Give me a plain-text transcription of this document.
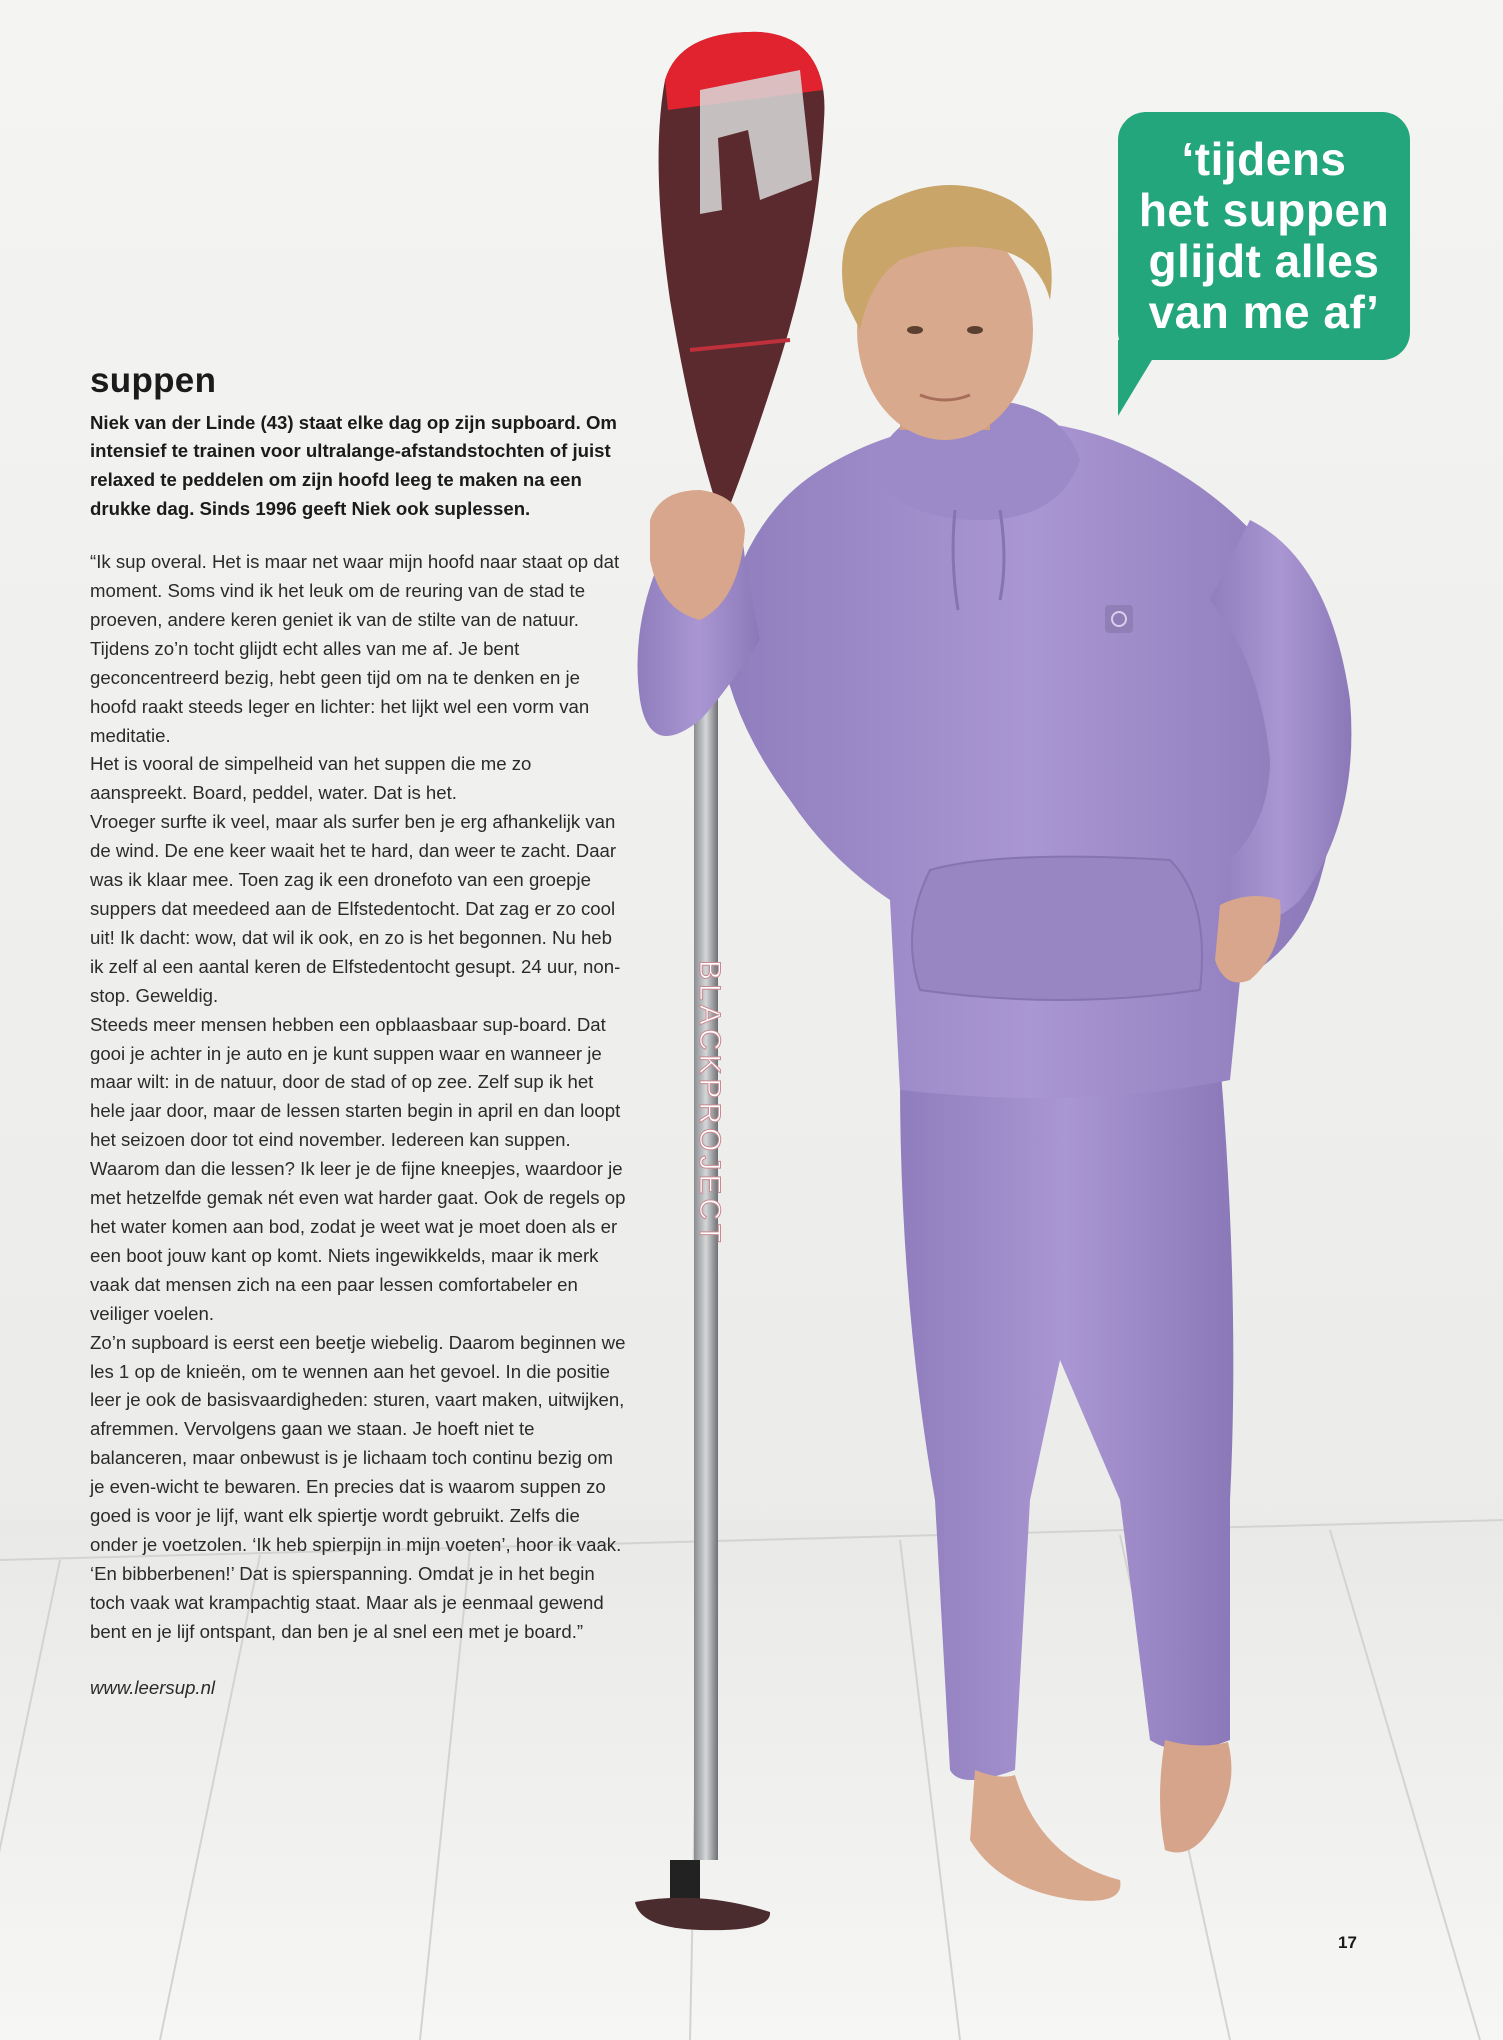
BLACKPROJECT
suppen

Niek van der Linde (43) staat elke dag op zijn supboard. Om intensief te trainen voor ultralange-afstandstochten of juist relaxed te peddelen om zijn hoofd leeg te maken na een drukke dag. Sinds 1996 geeft Niek ook suplessen.

“Ik sup overal. Het is maar net waar mijn hoofd naar staat op dat moment. Soms vind ik het leuk om de reuring van de stad te proeven, andere keren geniet ik van de stilte van de natuur. Tijdens zo’n tocht glijdt echt alles van me af. Je bent geconcentreerd bezig, hebt geen tijd om na te denken en je hoofd raakt steeds leger en lichter: het lijkt wel een vorm van meditatie.

Het is vooral de simpelheid van het suppen die me zo aanspreekt. Board, peddel, water. Dat is het.

Vroeger surfte ik veel, maar als surfer ben je erg afhankelijk van de wind. De ene keer waait het te hard, dan weer te zacht. Daar was ik klaar mee. Toen zag ik een dronefoto van een groepje suppers dat meedeed aan de Elfstedentocht. Dat zag er zo cool uit! Ik dacht: wow, dat wil ik ook, en zo is het begonnen. Nu heb ik zelf al een aantal keren de Elfstedentocht gesupt. 24 uur, non-stop. Geweldig.

Steeds meer mensen hebben een opblaasbaar sup-board. Dat gooi je achter in je auto en je kunt suppen waar en wanneer je maar wilt: in de natuur, door de stad of op zee. Zelf sup ik het hele jaar door, maar de lessen starten begin in april en dan loopt het seizoen door tot eind november. Iedereen kan suppen. Waarom dan die lessen? Ik leer je de fijne kneepjes, waardoor je met hetzelfde gemak nét even wat harder gaat. Ook de regels op het water komen aan bod, zodat je weet wat je moet doen als er een boot jouw kant op komt. Niets ingewikkelds, maar ik merk vaak dat mensen zich na een paar lessen comfortabeler en veiliger voelen.

Zo’n supboard is eerst een beetje wiebelig. Daarom beginnen we les 1 op de knieën, om te wennen aan het gevoel. In die positie leer je ook de basisvaardigheden: sturen, vaart maken, uitwijken, afremmen. Vervolgens gaan we staan. Je hoeft niet te balanceren, maar onbewust is je lichaam toch continu bezig om je even-wicht te bewaren. En precies dat is waarom suppen zo goed is voor je lijf, want elk spiertje wordt gebruikt. Zelfs die onder je voetzolen. ‘Ik heb spierpijn in mijn voeten’, hoor ik vaak. ‘En bibberbenen!’ Dat is spierspanning. Omdat je in het begin toch vaak wat krampachtig staat. Maar als je eenmaal gewend bent en je lijf ontspant, dan ben je al snel een met je board.”

www.leersup.nl
‘tijdens
het suppen
glijdt alles
van me af’
17
